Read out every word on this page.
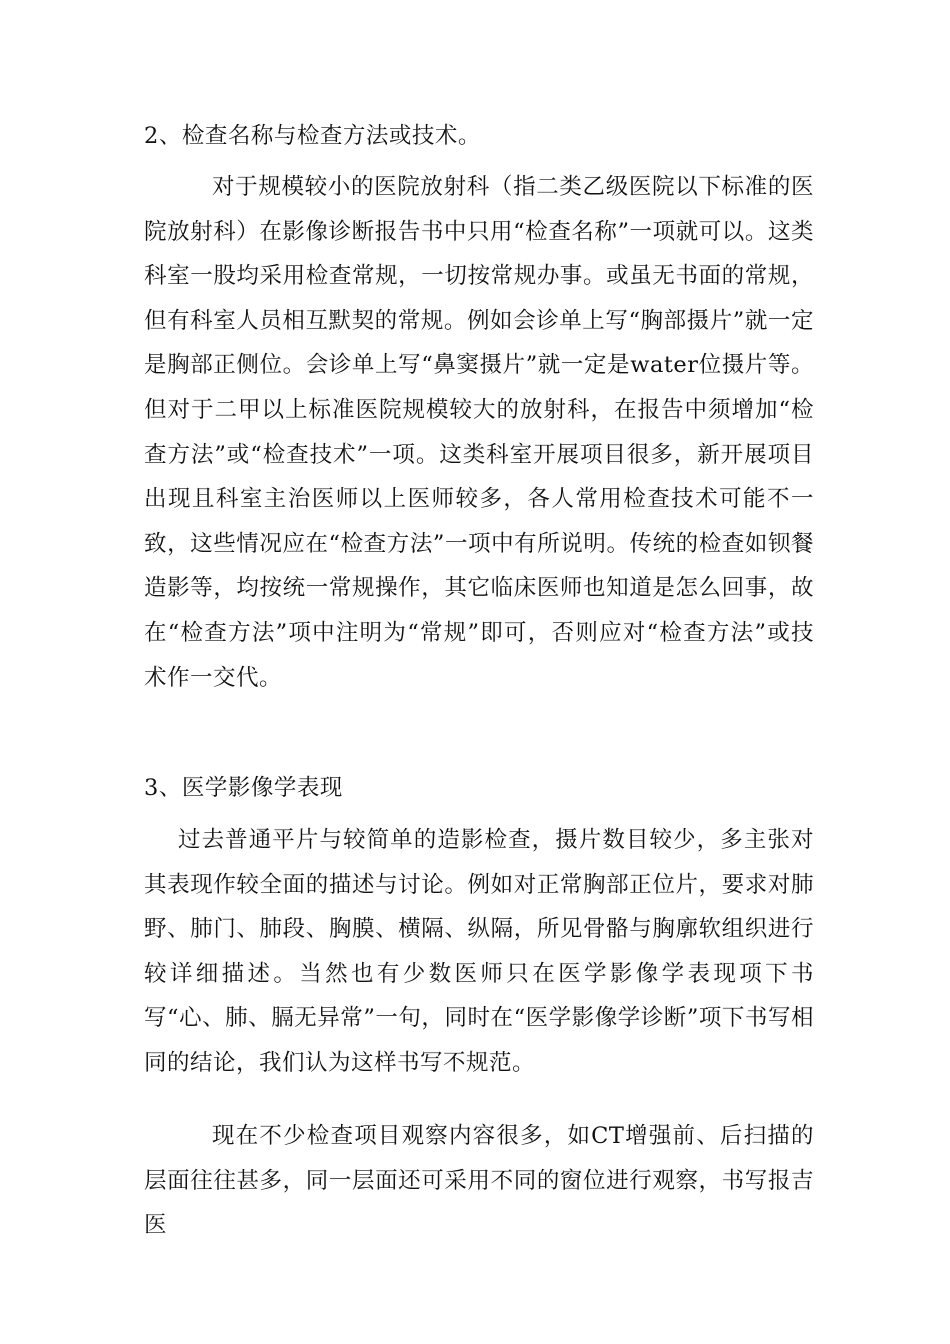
2、检查名称与检查方法或技术。

对于规模较小的医院放射科（指二类乙级医院以下标准的医院放射科）在影像诊断报告书中只用“检查名称”一项就可以。这类科室一股均采用检查常规，一切按常规办事。或虽无书面的常规，但有科室人员相互默契的常规。例如会诊单上写“胸部摄片”就一定是胸部正侧位。会诊单上写“鼻窦摄片”就一定是water位摄片等。但对于二甲以上标准医院规模较大的放射科，在报告中须增加“检查方法”或“检查技术”一项。这类科室开展项目很多，新开展项目出现且科室主治医师以上医师较多，各人常用检查技术可能不一致，这些情况应在“检查方法”一项中有所说明。传统的检查如钡餐造影等，均按统一常规操作，其它临床医师也知道是怎么回事，故在“检查方法”项中注明为“常规”即可，否则应对“检查方法”或技术作一交代。

3、医学影像学表现

过去普通平片与较简单的造影检查，摄片数目较少，多主张对其表现作较全面的描述与讨论。例如对正常胸部正位片，要求对肺野、肺门、肺段、胸膜、横隔、纵隔，所见骨骼与胸廓软组织进行较详细描述。当然也有少数医师只在医学影像学表现项下书写“心、肺、膈无异常”一句，同时在“医学影像学诊断”项下书写相同的结论，我们认为这样书写不规范。

现在不少检查项目观察内容很多，如CT增强前、后扫描的层面往往甚多，同一层面还可采用不同的窗位进行观察，书写报吉医
